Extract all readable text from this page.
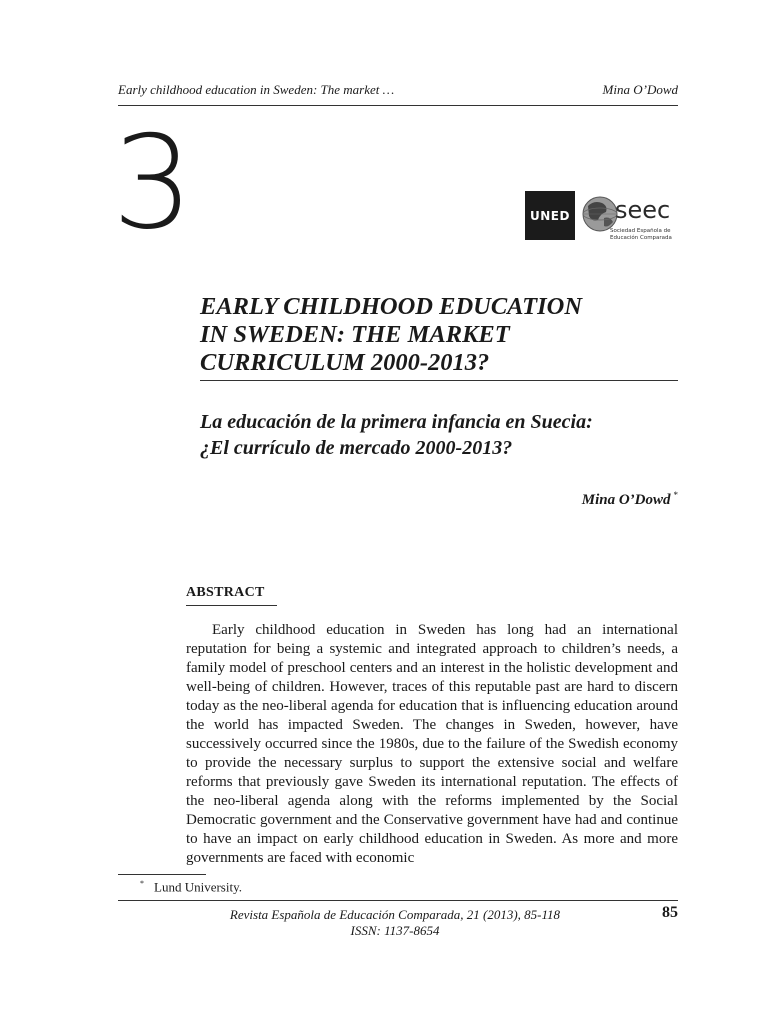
Early childhood education in Sweden: The market …	Mina O’Dowd
3	UNED seec
Sociedad Española de
Educación Comparada
EARLY CHILDHOOD EDUCATION
IN SWEDEN: THE MARKET
CURRICULUM 2000-2013?
La educación de la primera infancia en Suecia:
¿El currículo de mercado 2000-2013?
Mina O’Dowd *
ABSTRACT

Early childhood education in Sweden has long had an international reputation for being a systemic and integrated approach to children’s needs, a family model of preschool centers and an interest in the holistic development and well-being of children. However, traces of this reputable past are hard to discern today as the neo-liberal agenda for education that is influencing education around the world has impacted Sweden. The changes in Sweden, however, have successively occurred since the 1980s, due to the failure of the Swedish economy to provide the necessary surplus to support the extensive social and welfare reforms that previously gave Sweden its international reputation. The effects of the neo-liberal agenda along with the reforms implemented by the Social Democratic government and the Conservative government have had and continue to have an impact on early childhood education in Sweden. As more and more governments are faced with economic

* Lund University.
Revista Española de Educación Comparada, 21 (2013), 85-118
ISSN: 1137-8654
85
